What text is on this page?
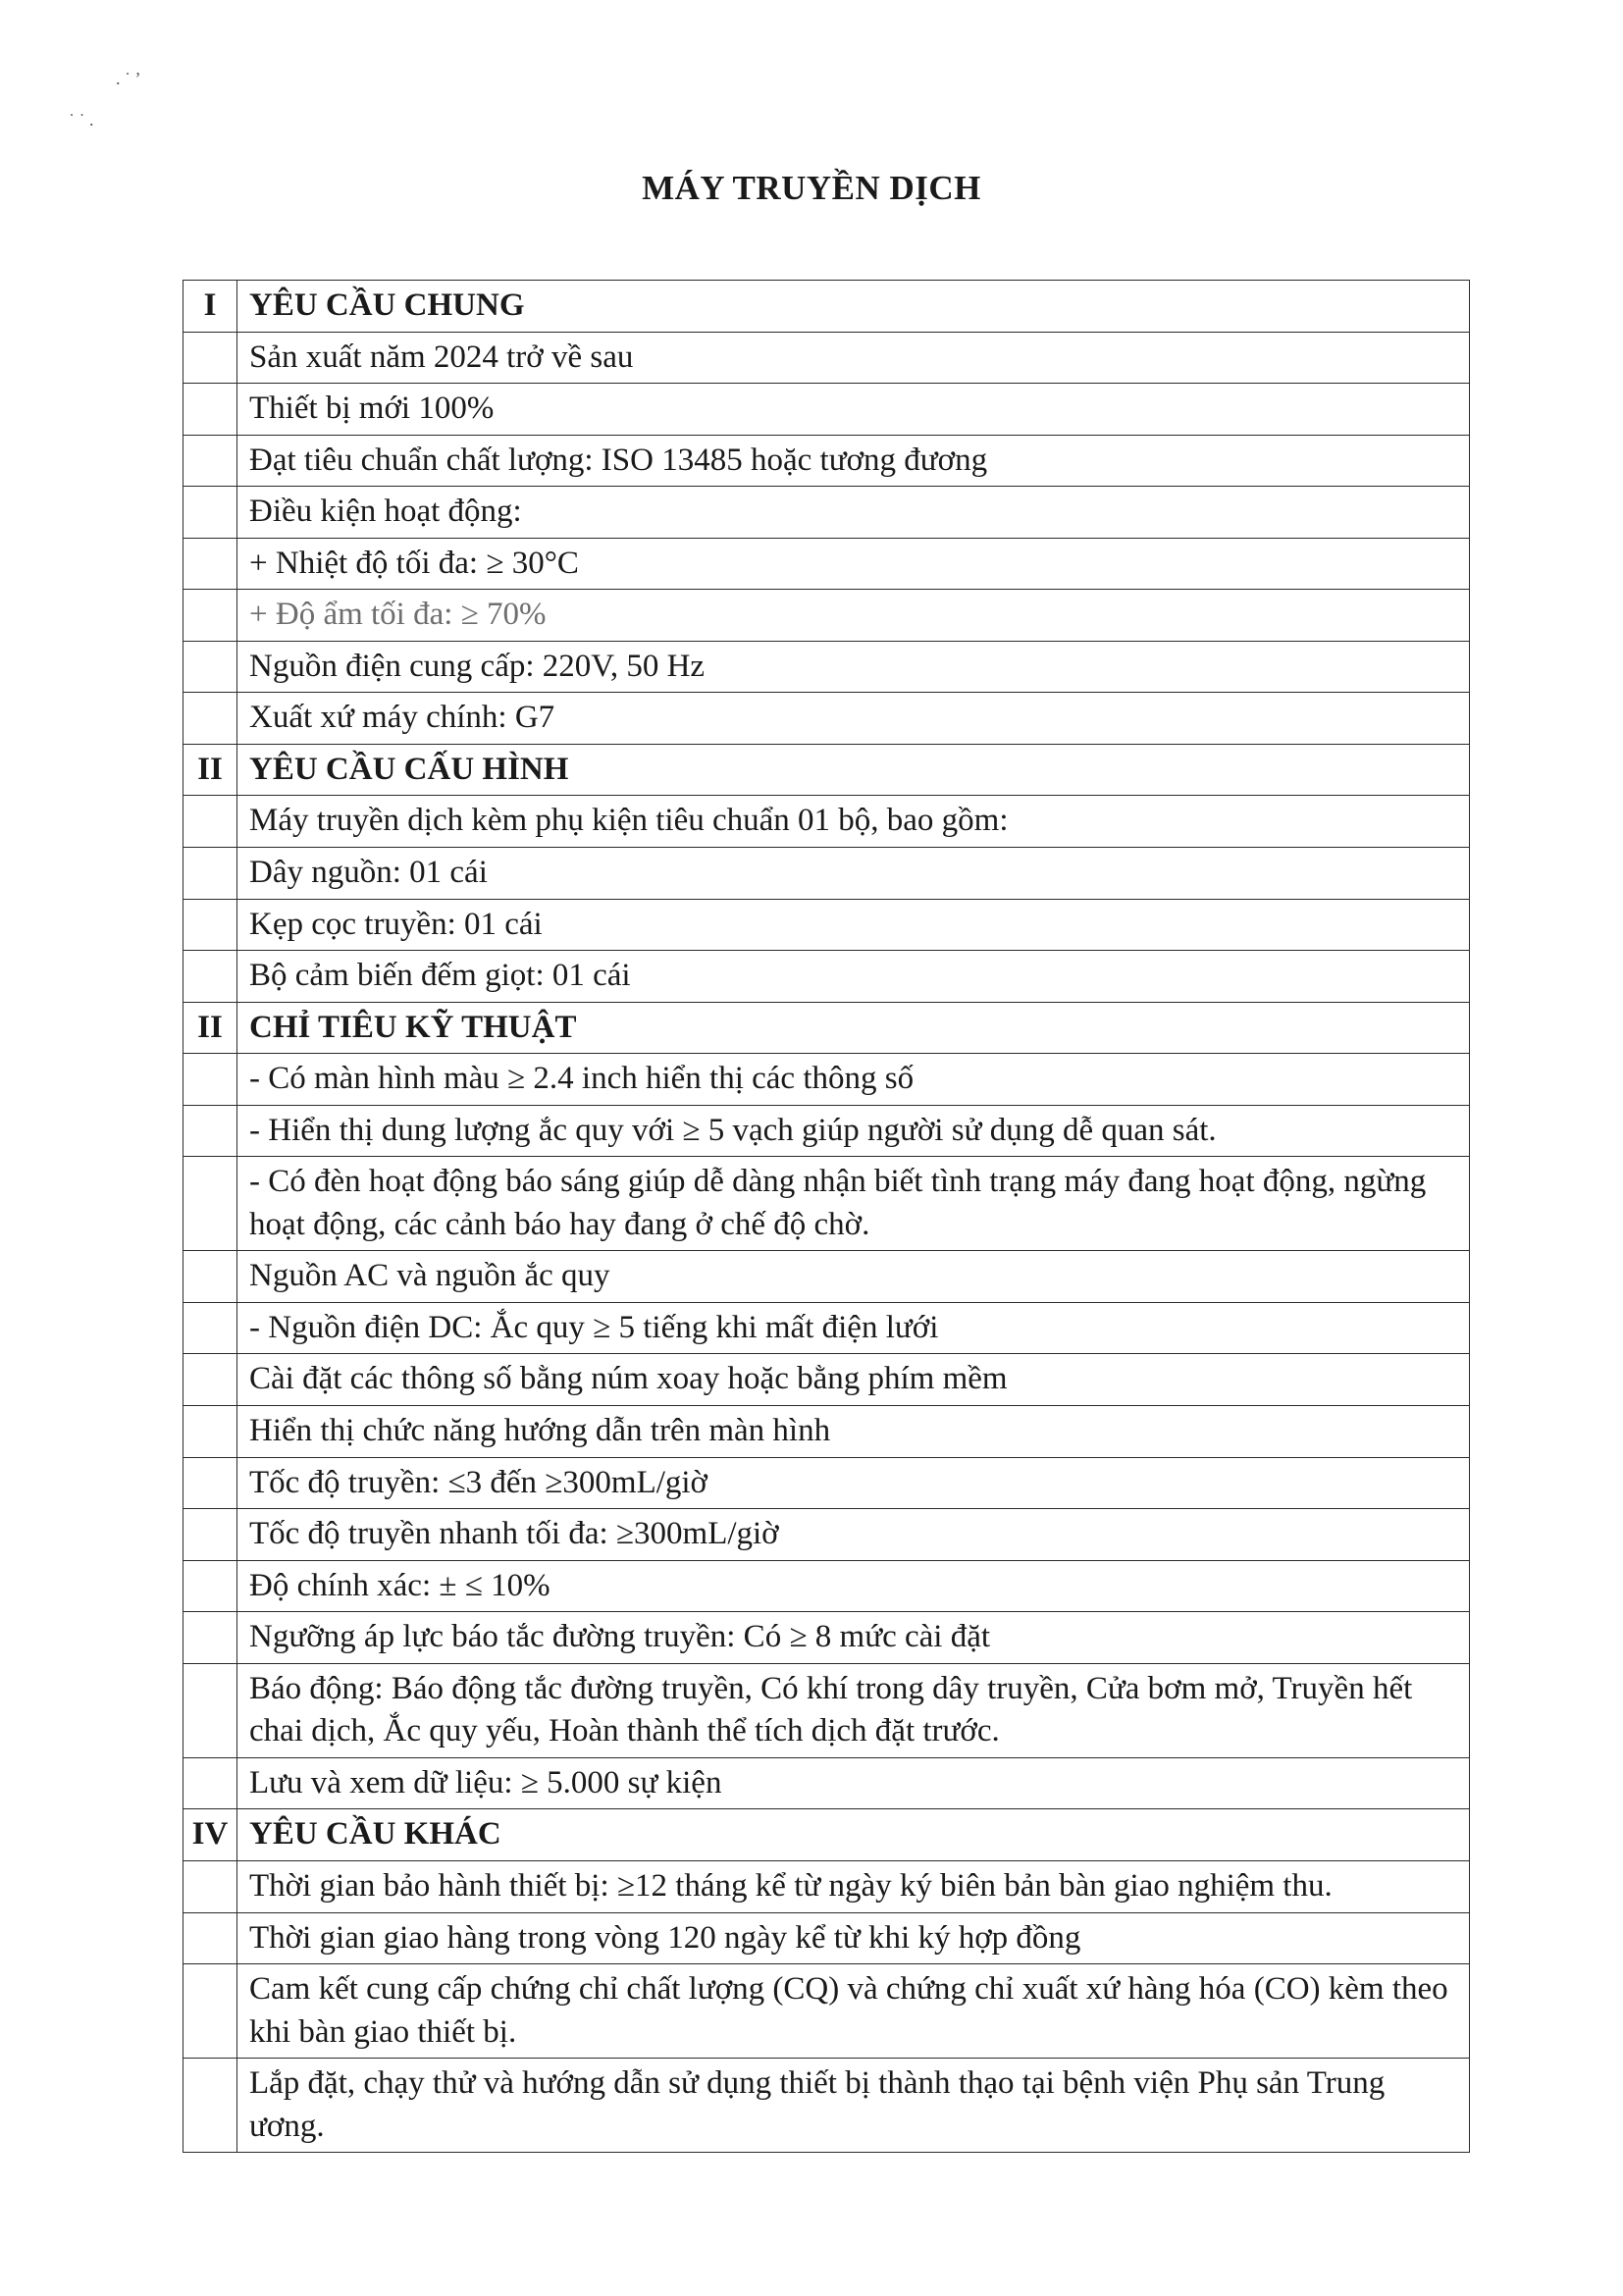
˙ ˙ .
. ˙ ʼ
MÁY TRUYỀN DỊCH
I	YÊU CẦU CHUNG
	Sản xuất năm 2024 trở về sau
	Thiết bị mới 100%
	Đạt tiêu chuẩn chất lượng: ISO 13485 hoặc tương đương
	Điều kiện hoạt động:
	+ Nhiệt độ tối đa: ≥ 30°C
	+ Độ ẩm tối đa: ≥ 70%
	Nguồn điện cung cấp: 220V, 50 Hz
	Xuất xứ máy chính: G7
II	YÊU CẦU CẤU HÌNH
	Máy truyền dịch kèm phụ kiện tiêu chuẩn 01 bộ, bao gồm:
	Dây nguồn: 01 cái
	Kẹp cọc truyền: 01 cái
	Bộ cảm biến đếm giọt: 01 cái
II	CHỈ TIÊU KỸ THUẬT
	- Có màn hình màu ≥ 2.4 inch hiển thị các thông số
	- Hiển thị dung lượng ắc quy với ≥ 5 vạch giúp người sử dụng dễ quan sát.
	- Có đèn hoạt động báo sáng giúp dễ dàng nhận biết tình trạng máy đang hoạt động, ngừng hoạt động, các cảnh báo hay đang ở chế độ chờ.
	Nguồn AC và nguồn ắc quy
	- Nguồn điện DC: Ắc quy ≥ 5 tiếng khi mất điện lưới
	Cài đặt các thông số bằng núm xoay hoặc bằng phím mềm
	Hiển thị chức năng hướng dẫn trên màn hình
	Tốc độ truyền: ≤3 đến ≥300mL/giờ
	Tốc độ truyền nhanh tối đa: ≥300mL/giờ
	Độ chính xác: ± ≤ 10%
	Ngưỡng áp lực báo tắc đường truyền: Có ≥ 8 mức cài đặt
	Báo động: Báo động tắc đường truyền, Có khí trong dây truyền, Cửa bơm mở, Truyền hết chai dịch, Ắc quy yếu, Hoàn thành thể tích dịch đặt trước.
	Lưu và xem dữ liệu: ≥ 5.000 sự kiện
IV	YÊU CẦU KHÁC
	Thời gian bảo hành thiết bị: ≥12 tháng kể từ ngày ký biên bản bàn giao nghiệm thu.
	Thời gian giao hàng trong vòng 120 ngày kể từ khi ký hợp đồng
	Cam kết cung cấp chứng chỉ chất lượng (CQ) và chứng chỉ xuất xứ hàng hóa (CO) kèm theo khi bàn giao thiết bị.
	Lắp đặt, chạy thử và hướng dẫn sử dụng thiết bị thành thạo tại bệnh viện Phụ sản Trung ương.
